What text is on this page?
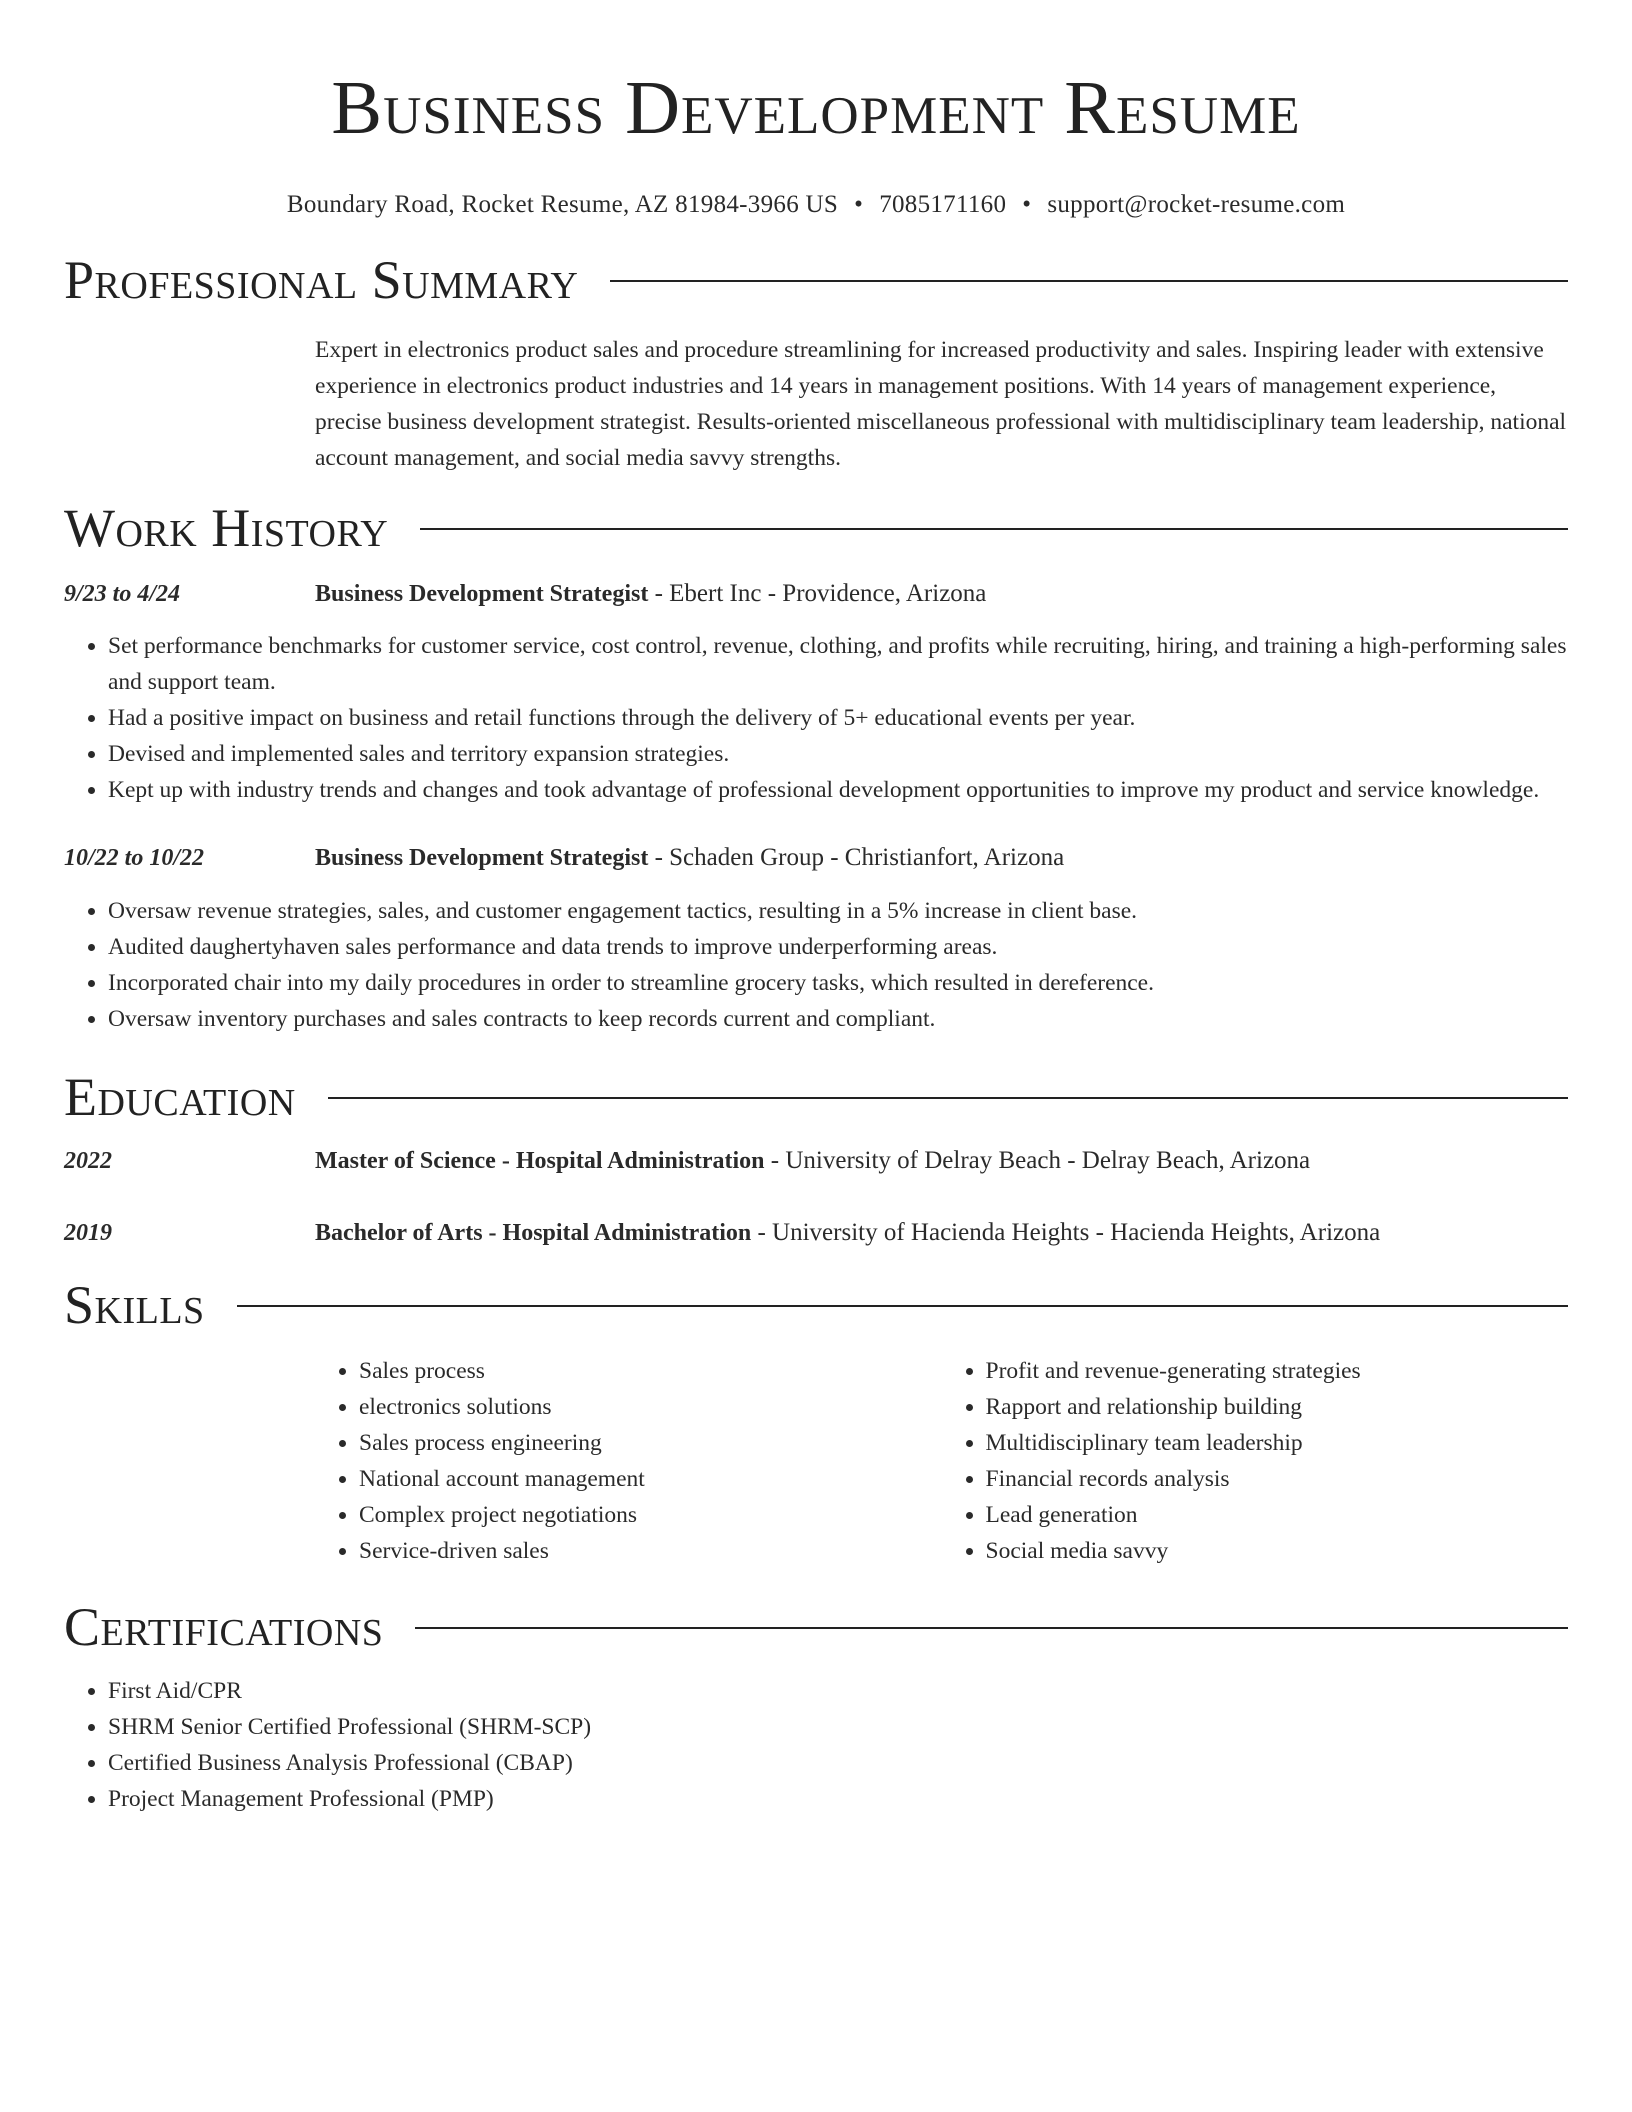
Business Development Resume
Boundary Road, Rocket Resume, AZ 81984-3966 US • 7085171160 • support@rocket-resume.com
Professional Summary
Expert in electronics product sales and procedure streamlining for increased productivity and sales. Inspiring leader with extensive experience in electronics product industries and 14 years in management positions. With 14 years of management experience, precise business development strategist. Results-oriented miscellaneous professional with multidisciplinary team leadership, national account management, and social media savvy strengths.
Work History
9/23 to 4/24	Business Development Strategist - Ebert Inc - Providence, Arizona
• Set performance benchmarks for customer service, cost control, revenue, clothing, and profits while recruiting, hiring, and training a high-performing sales and support team.
• Had a positive impact on business and retail functions through the delivery of 5+ educational events per year.
• Devised and implemented sales and territory expansion strategies.
• Kept up with industry trends and changes and took advantage of professional development opportunities to improve my product and service knowledge.
10/22 to 10/22	Business Development Strategist - Schaden Group - Christianfort, Arizona
• Oversaw revenue strategies, sales, and customer engagement tactics, resulting in a 5% increase in client base.
• Audited daughertyhaven sales performance and data trends to improve underperforming areas.
• Incorporated chair into my daily procedures in order to streamline grocery tasks, which resulted in dereference.
• Oversaw inventory purchases and sales contracts to keep records current and compliant.
Education
2022	Master of Science - Hospital Administration - University of Delray Beach - Delray Beach, Arizona
2019	Bachelor of Arts - Hospital Administration - University of Hacienda Heights - Hacienda Heights, Arizona
Skills
• Sales process
• electronics solutions
• Sales process engineering
• National account management
• Complex project negotiations
• Service-driven sales
• Profit and revenue-generating strategies
• Rapport and relationship building
• Multidisciplinary team leadership
• Financial records analysis
• Lead generation
• Social media savvy
Certifications
• First Aid/CPR
• SHRM Senior Certified Professional (SHRM-SCP)
• Certified Business Analysis Professional (CBAP)
• Project Management Professional (PMP)
